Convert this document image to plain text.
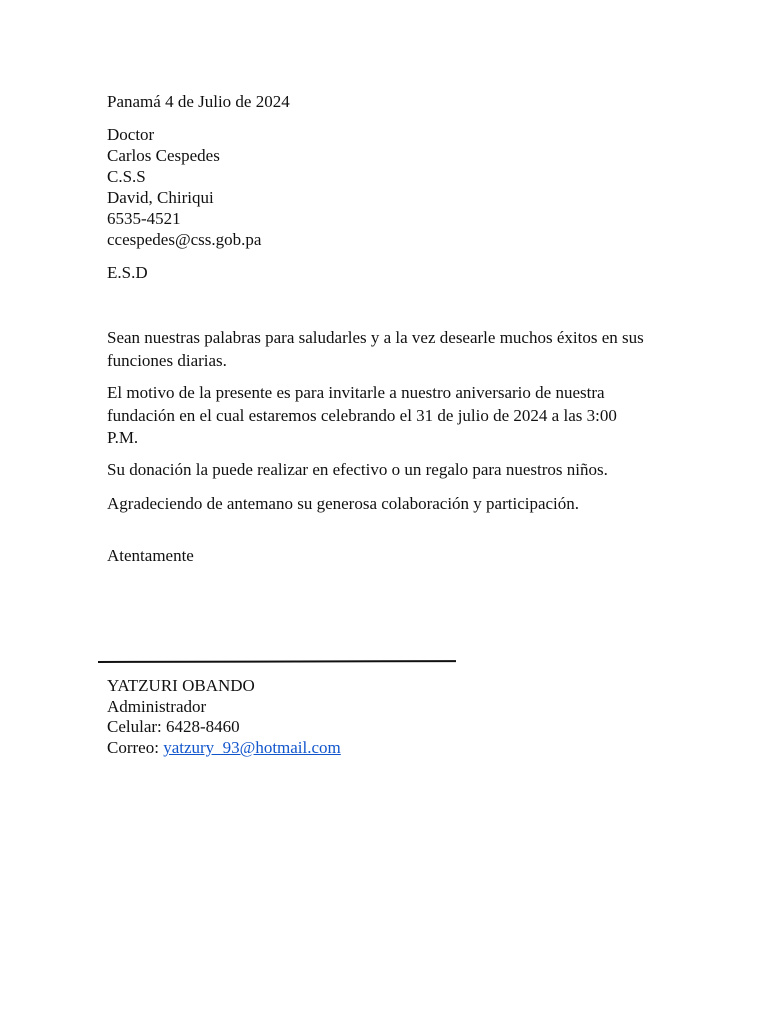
Panamá 4 de Julio de 2024
Doctor
Carlos Cespedes
C.S.S
David, Chiriqui
6535-4521
ccespedes@css.gob.pa
E.S.D
Sean nuestras palabras para saludarles y a la vez desearle muchos éxitos en sus funciones diarias.
El motivo de la presente es para invitarle a nuestro aniversario de nuestra fundación en el cual estaremos celebrando el 31 de julio de 2024 a las 3:00 P.M.
Su donación la puede realizar en efectivo o un regalo para nuestros niños.
Agradeciendo de antemano su generosa colaboración y participación.
Atentamente
YATZURI OBANDO
Administrador
Celular: 6428-8460
Correo: yatzury_93@hotmail.com
